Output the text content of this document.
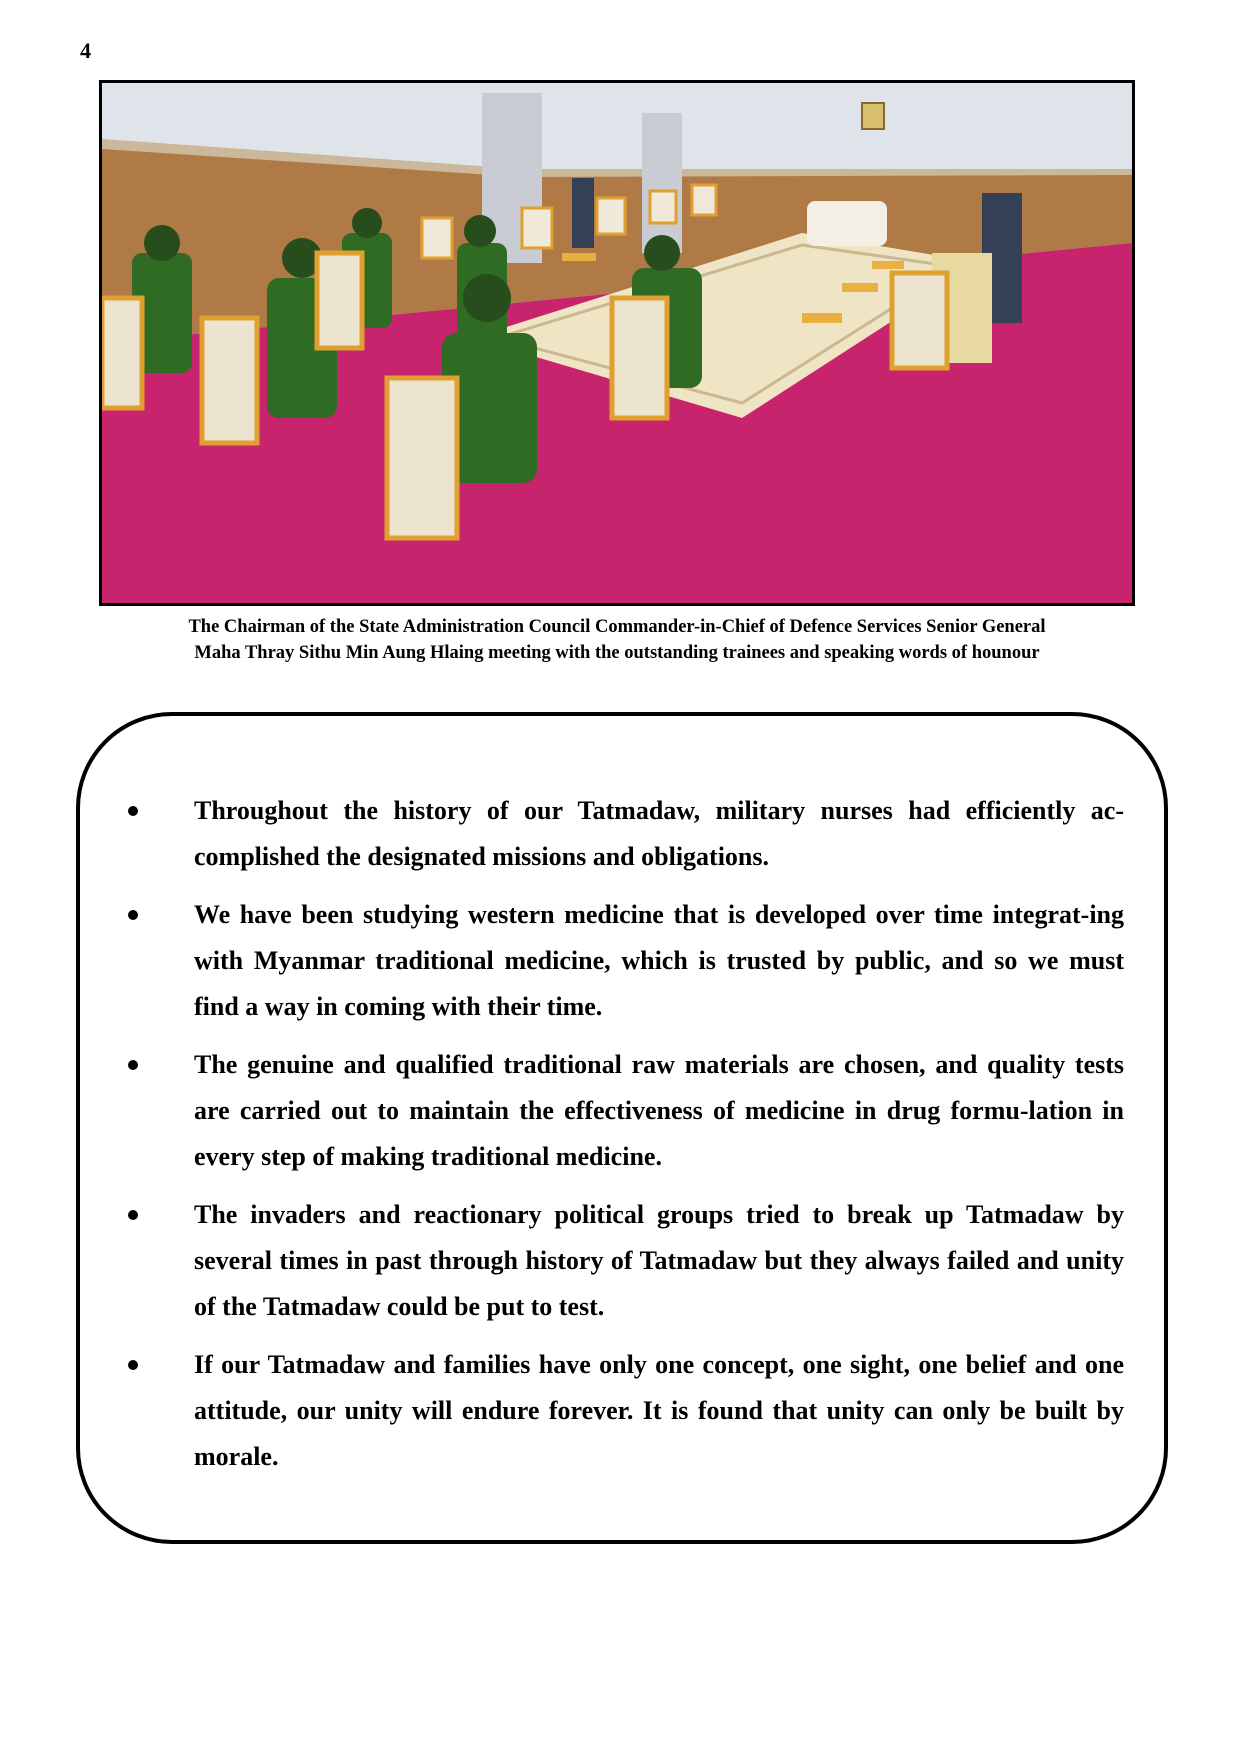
4
The Chairman of the State Administration Council Commander-in-Chief of Defence Services Senior General
Maha Thray Sithu Min Aung Hlaing meeting with the outstanding trainees and speaking words of hounour
Throughout the history of our Tatmadaw, military nurses had efficiently ac-complished the designated missions and obligations.
We have been studying western medicine that is developed over time integrat-ing with Myanmar traditional medicine, which is trusted by public, and so we must find a way in coming with their time.
The genuine and qualified traditional raw materials are chosen, and quality tests are carried out to maintain the effectiveness of medicine in drug formu-lation in every step of making traditional medicine.
The invaders and reactionary political groups tried to break up Tatmadaw by several times in past through history of Tatmadaw but they always failed and unity of the Tatmadaw could be put to test.
If our Tatmadaw and families have only one concept, one sight, one belief and one attitude, our unity will endure forever. It is found that unity can only be built by morale.
